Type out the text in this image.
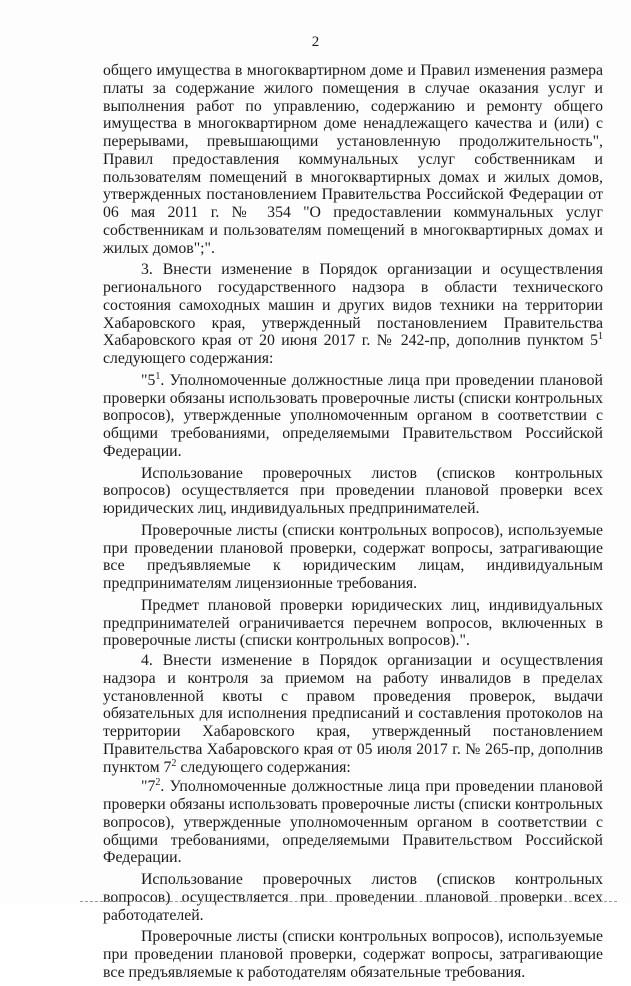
2

общего имущества в многоквартирном доме и Правил изменения размера платы за содержание жилого помещения в случае оказания услуг и выполнения работ по управлению, содержанию и ремонту общего имущества в многоквартирном доме ненадлежащего качества и (или) с перерывами, превышающими установленную продолжительность", Правил предоставления коммунальных услуг собственникам и пользователям помещений в многоквартирных домах и жилых домов, утвержденных постановлением Правительства Российской Федерации от 06 мая 2011 г. № 354 "О предоставлении коммунальных услуг собственникам и пользователям помещений в многоквартирных домах и жилых домов";".

3. Внести изменение в Порядок организации и осуществления регионального государственного надзора в области технического состояния самоходных машин и других видов техники на территории Хабаровского края, утвержденный постановлением Правительства Хабаровского края от 20 июня 2017 г. № 242-пр, дополнив пунктом $5^1$ следующего содержания:

"$5^1$. Уполномоченные должностные лица при проведении плановой проверки обязаны использовать проверочные листы (списки контрольных вопросов), утвержденные уполномоченным органом в соответствии с общими требованиями, определяемыми Правительством Российской Федерации.

Использование проверочных листов (списков контрольных вопросов) осуществляется при проведении плановой проверки всех юридических лиц, индивидуальных предпринимателей.

Проверочные листы (списки контрольных вопросов), используемые при проведении плановой проверки, содержат вопросы, затрагивающие все предъявляемые к юридическим лицам, индивидуальным предпринимателям лицензионные требования.

Предмет плановой проверки юридических лиц, индивидуальных предпринимателей ограничивается перечнем вопросов, включенных в проверочные листы (списки контрольных вопросов).".

4. Внести изменение в Порядок организации и осуществления надзора и контроля за приемом на работу инвалидов в пределах установленной квоты с правом проведения проверок, выдачи обязательных для исполнения предписаний и составления протоколов на территории Хабаровского края, утвержденный постановлением Правительства Хабаровского края от 05 июля 2017 г. № 265-пр, дополнив пунктом $7^2$ следующего содержания:

"$7^2$. Уполномоченные должностные лица при проведении плановой проверки обязаны использовать проверочные листы (списки контрольных вопросов), утвержденные уполномоченным органом в соответствии с общими требованиями, определяемыми Правительством Российской Федерации.

Использование проверочных листов (списков контрольных вопросов) осуществляется при проведении плановой проверки всех работодателей.

Проверочные листы (списки контрольных вопросов), используемые при проведении плановой проверки, содержат вопросы, затрагивающие все предъявляемые к работодателям обязательные требования.
